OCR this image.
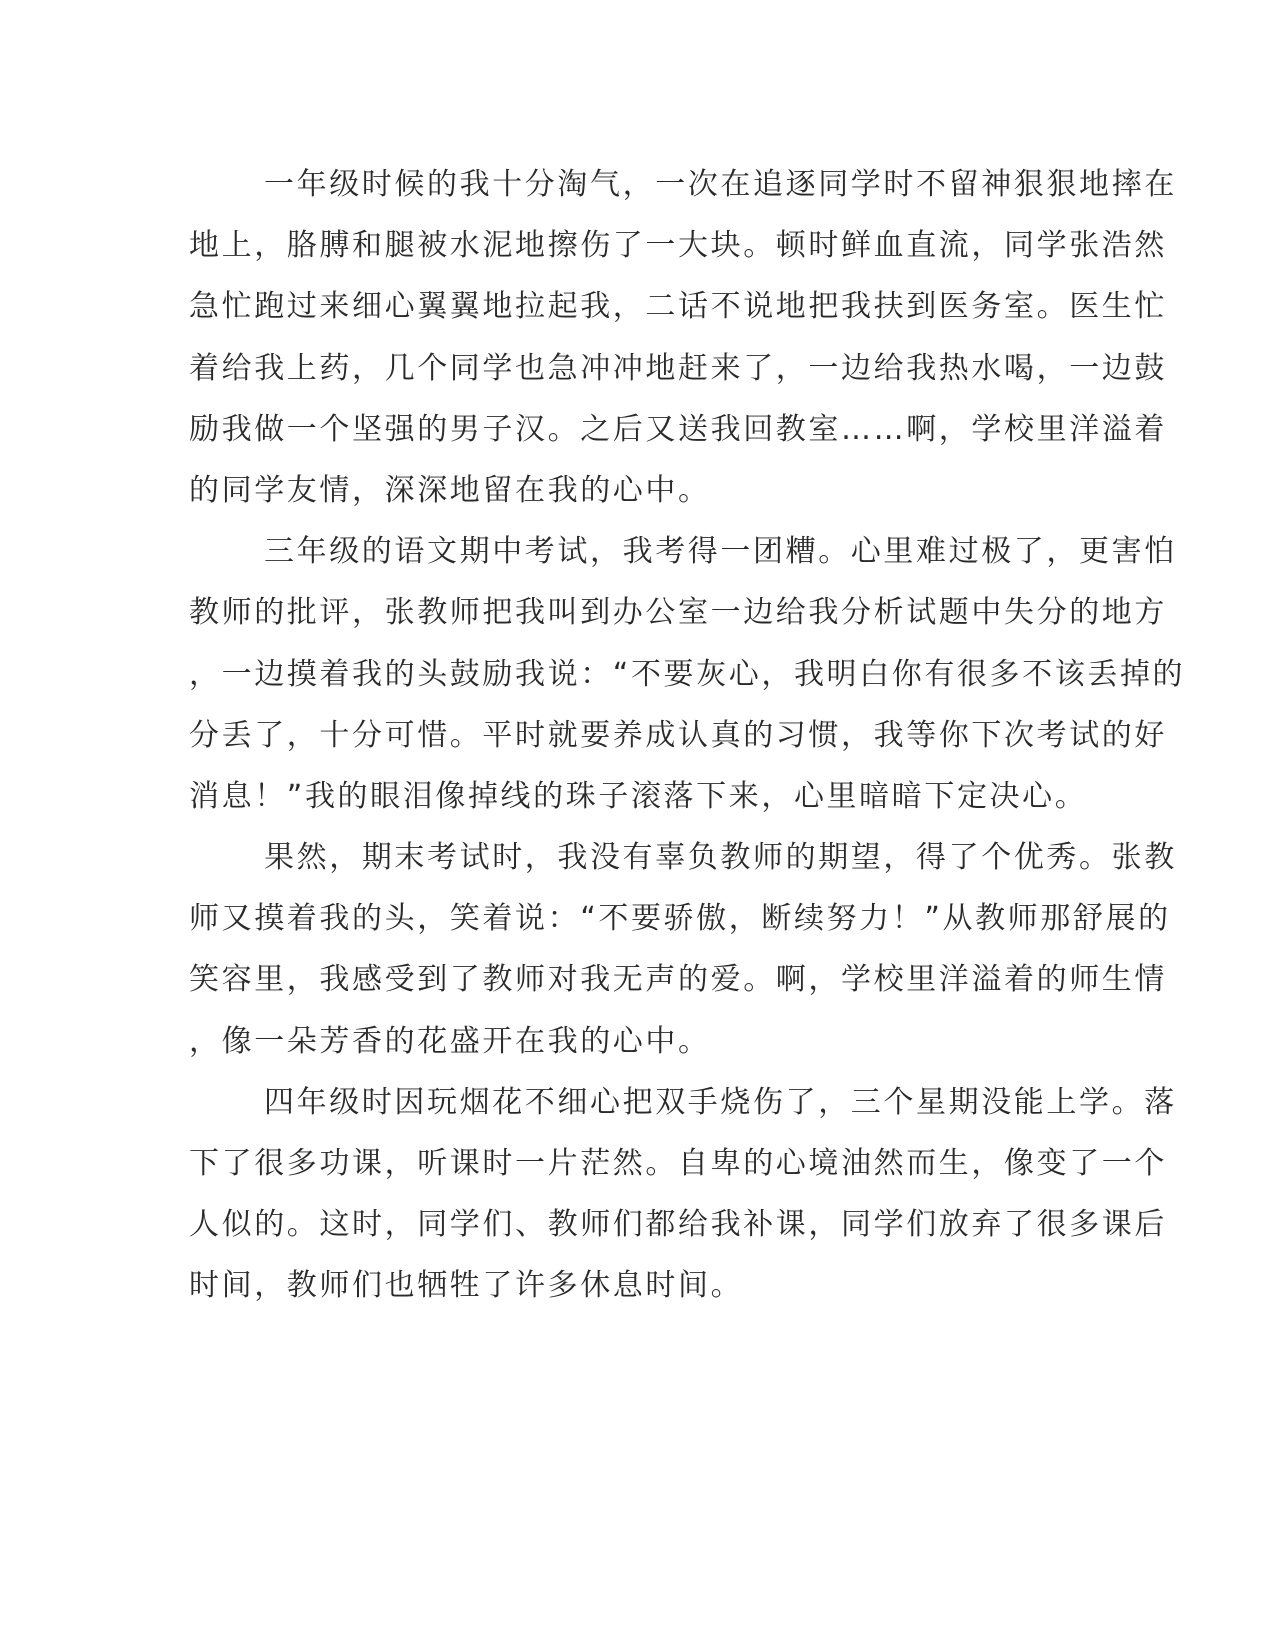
一年级时候的我十分淘气，一次在追逐同学时不留神狠狠地摔在
地上，胳膊和腿被水泥地擦伤了一大块。顿时鲜血直流，同学张浩然
急忙跑过来细心翼翼地拉起我，二话不说地把我扶到医务室。医生忙
着给我上药，几个同学也急冲冲地赶来了，一边给我热水喝，一边鼓
励我做一个坚强的男子汉。之后又送我回教室……啊，学校里洋溢着
的同学友情，深深地留在我的心中。
三年级的语文期中考试，我考得一团糟。心里难过极了，更害怕
教师的批评，张教师把我叫到办公室一边给我分析试题中失分的地方
，一边摸着我的头鼓励我说：“不要灰心，我明白你有很多不该丢掉的
分丢了，十分可惜。平时就要养成认真的习惯，我等你下次考试的好
消息！”我的眼泪像掉线的珠子滚落下来，心里暗暗下定决心。
果然，期末考试时，我没有辜负教师的期望，得了个优秀。张教
师又摸着我的头，笑着说：“不要骄傲，断续努力！”从教师那舒展的
笑容里，我感受到了教师对我无声的爱。啊，学校里洋溢着的师生情
，像一朵芳香的花盛开在我的心中。
四年级时因玩烟花不细心把双手烧伤了，三个星期没能上学。落
下了很多功课，听课时一片茫然。自卑的心境油然而生，像变了一个
人似的。这时，同学们、教师们都给我补课，同学们放弃了很多课后
时间，教师们也牺牲了许多休息时间。
